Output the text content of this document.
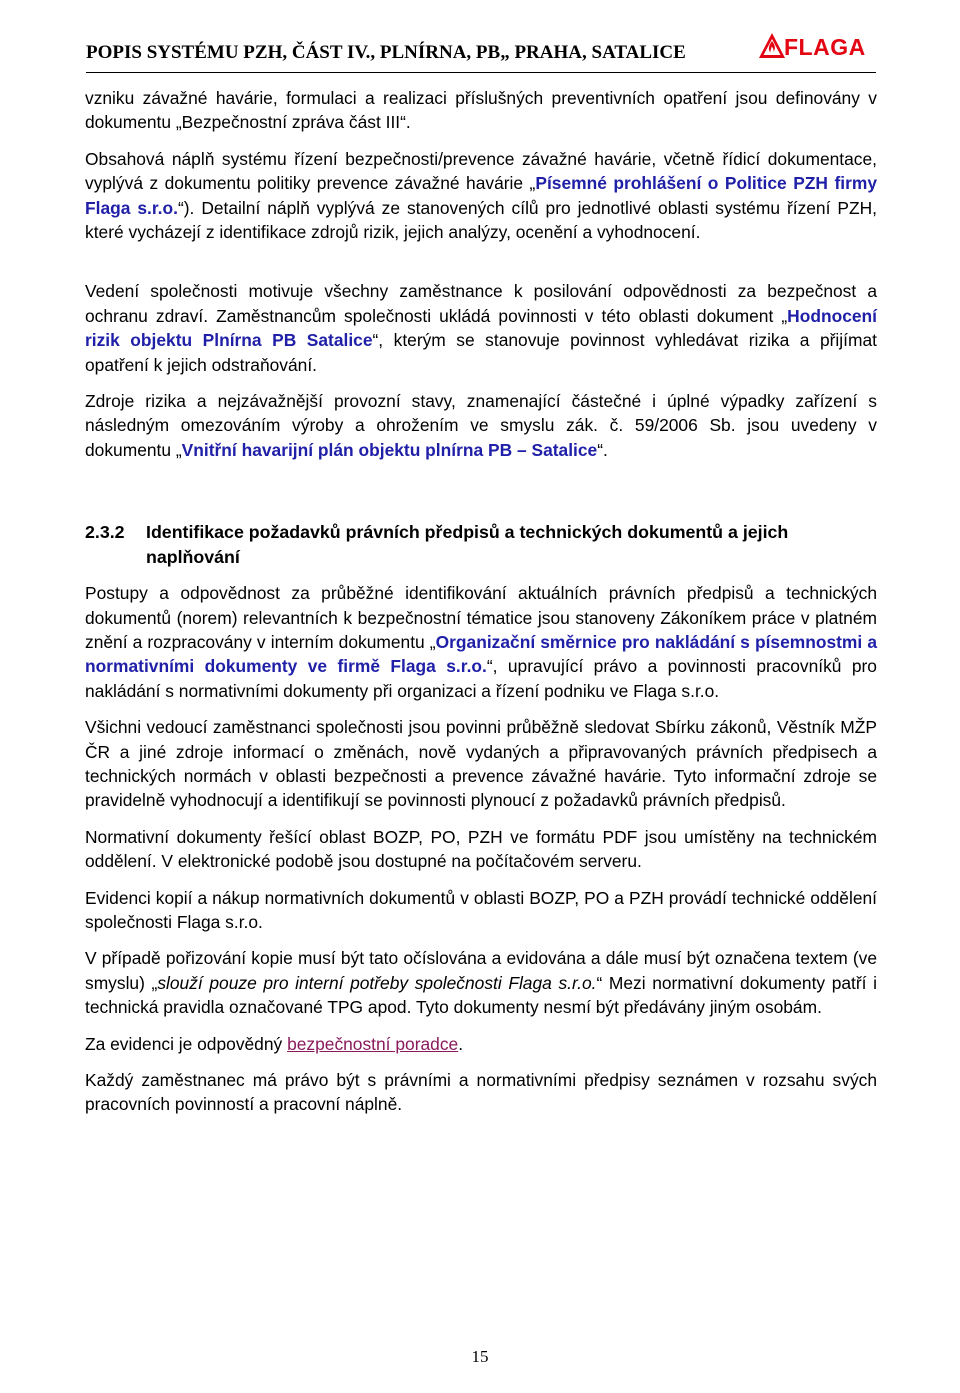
POPIS SYSTÉMU PZH, ČÁST IV., PLNÍRNA, PB„ PRAHA, SATALICE	FLAGA

vzniku závažné havárie, formulaci a realizaci příslušných preventivních opatření jsou definovány v dokumentu „Bezpečnostní zpráva část III“.

Obsahová náplň systému řízení bezpečnosti/prevence závažné havárie, včetně řídicí dokumentace, vyplývá z dokumentu politiky prevence závažné havárie „Písemné prohlášení o Politice PZH firmy Flaga s.r.o.“). Detailní náplň vyplývá ze stanovených cílů pro jednotlivé oblasti systému řízení PZH, které vycházejí z identifikace zdrojů rizik, jejich analýzy, ocenění a vyhodnocení.

Vedení společnosti motivuje všechny zaměstnance k posilování odpovědnosti za bezpečnost a ochranu zdraví. Zaměstnancům společnosti ukládá povinnosti v této oblasti dokument „Hodnocení rizik objektu Plnírna PB Satalice“, kterým se stanovuje povinnost vyhledávat rizika a přijímat opatření k jejich odstraňování.

Zdroje rizika a nejzávažnější provozní stavy, znamenající částečné i úplné výpadky zařízení s následným omezováním výroby a ohrožením ve smyslu zák. č. 59/2006 Sb. jsou uvedeny v dokumentu „Vnitřní havarijní plán objektu plnírna PB – Satalice“.

2.3.2	Identifikace požadavků právních předpisů a technických dokumentů a jejich naplňování

Postupy a odpovědnost za průběžné identifikování aktuálních právních předpisů a technických dokumentů (norem) relevantních k bezpečnostní tématice jsou stanoveny Zákoníkem práce v platném znění a rozpracovány v interním dokumentu „Organizační směrnice pro nakládání s písemnostmi a normativními dokumenty ve firmě Flaga s.r.o.“, upravující právo a povinnosti pracovníků pro nakládání s normativními dokumenty při organizaci a řízení podniku ve Flaga s.r.o.

Všichni vedoucí zaměstnanci společnosti jsou povinni průběžně sledovat Sbírku zákonů, Věstník MŽP ČR a jiné zdroje informací o změnách, nově vydaných a připravovaných právních předpisech a technických normách v oblasti bezpečnosti a prevence závažné havárie. Tyto informační zdroje se pravidelně vyhodnocují a identifikují se povinnosti plynoucí z požadavků právních předpisů.

Normativní dokumenty řešící oblast BOZP, PO, PZH ve formátu PDF jsou umístěny na technickém oddělení. V elektronické podobě jsou dostupné na počítačovém serveru.

Evidenci kopií a nákup normativních dokumentů v oblasti BOZP, PO a PZH provádí technické oddělení společnosti Flaga s.r.o.

V případě pořizování kopie musí být tato očíslována a evidována a dále musí být označena textem (ve smyslu) „slouží pouze pro interní potřeby společnosti Flaga s.r.o.“ Mezi normativní dokumenty patří i technická pravidla označované TPG apod. Tyto dokumenty nesmí být předávány jiným osobám.

Za evidenci je odpovědný bezpečnostní poradce.

Každý zaměstnanec má právo být s právními a normativními předpisy seznámen v rozsahu svých pracovních povinností a pracovní náplně.

15
